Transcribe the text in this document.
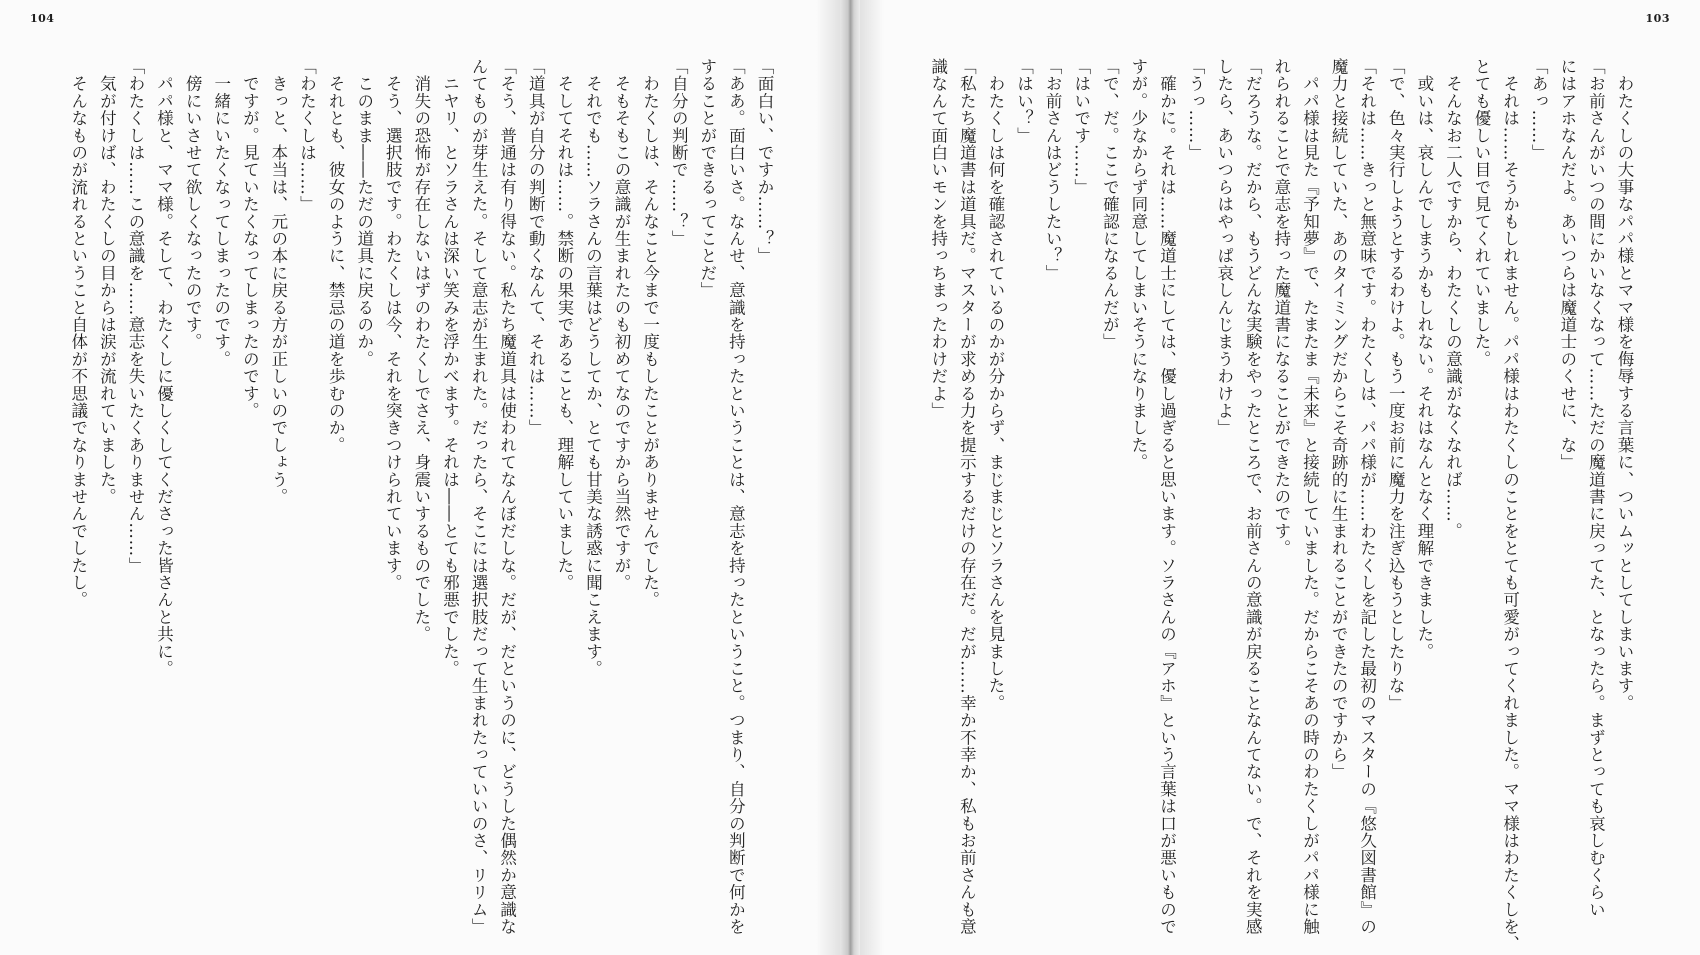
104
「面白い、ですか……？」
「ああ。面白いさ。なんせ、意識を持ったということは、意志を持ったということ。つまり、自分の判断で何かを
することができるってことだ」
「自分の判断で……？」
　わたくしは、そんなこと今まで一度もしたことがありませんでした。
　そもそもこの意識が生まれたのも初めてなのですから当然ですが。
　それでも……ソラさんの言葉はどうしてか、とても甘美な誘惑に聞こえます。
　そしてそれは……。禁断の果実であることも、理解していました。
「道具が自分の判断で動くなんて、それは……」
「そう、普通は有り得ない。私たち魔道具は使われてなんぼだしな。だが、だというのに、どうした偶然か意識な
んてものが芽生えた。そして意志が生まれた。だったら、そこには選択肢だって生まれたっていいのさ、リリム」
　ニヤリ、とソラさんは深い笑みを浮かべます。それは――とても邪悪でした。
　消失の恐怖が存在しないはずのわたくしでさえ、身震いするものでした。
　そう、選択肢です。わたくしは今、それを突きつけられています。
　このまま――ただの道具に戻るのか。
　それとも、彼女のように、禁忌の道を歩むのか。
「わたくしは……」
　きっと、本当は、元の本に戻る方が正しいのでしょう。
　ですが。見ていたくなってしまったのです。
　一緒にいたくなってしまったのです。
　傍にいさせて欲しくなったのです。
　パパ様と、ママ様。そして、わたくしに優しくしてくださった皆さんと共に。
「わたくしは……この意識を……意志を失いたくありません……」
　気が付けば、わたくしの目からは涙が流れていました。
　そんなものが流れるということ自体が不思議でなりませんでしたし。
103
　わたくしの大事なパパ様とママ様を侮辱する言葉に、ついムッとしてしまいます。
「お前さんがいつの間にかいなくなって……ただの魔道書に戻ってた、となったら。まずとっても哀しむくらい
にはアホなんだよ。あいつらは魔道士のくせに、な」
「あっ……」
　それは……そうかもしれません。パパ様はわたくしのことをとても可愛がってくれました。ママ様はわたくしを、
とても優しい目で見てくれていました。
　そんなお二人ですから、わたくしの意識がなくなれば……。
　或いは、哀しんでしまうかもしれない。それはなんとなく理解できました。
「で、色々実行しようとするわけよ。もう一度お前に魔力を注ぎ込もうとしたりな」
「それは……きっと無意味です。わたくしは、パパ様が……わたくしを記した最初のマスターの『悠久図書館』の
魔力と接続していた、あのタイミングだからこそ奇跡的に生まれることができたのですから」
　パパ様は見た『予知夢』で、たまたま『未来』と接続していました。だからこそあの時のわたくしがパパ様に触
れられることで意志を持った魔道書になることができたのです。
「だろうな。だから、もうどんな実験をやったところで、お前さんの意識が戻ることなんてない。で、それを実感
したら、あいつらはやっぱ哀しんじまうわけよ」
「うっ……」
　確かに。それは……魔道士にしては、優し過ぎると思います。ソラさんの『アホ』という言葉は口が悪いもので
すが。少なからず同意してしまいそうになりました。
「で、だ。ここで確認になるんだが」
「はいです……」
「お前さんはどうしたい？」
「はい？」
　わたくしは何を確認されているのかが分からず、まじまじとソラさんを見ました。
「私たち魔道書は道具だ。マスターが求める力を提示するだけの存在だ。だが……幸か不幸か、私もお前さんも意
識なんて面白いモンを持っちまったわけだよ」
